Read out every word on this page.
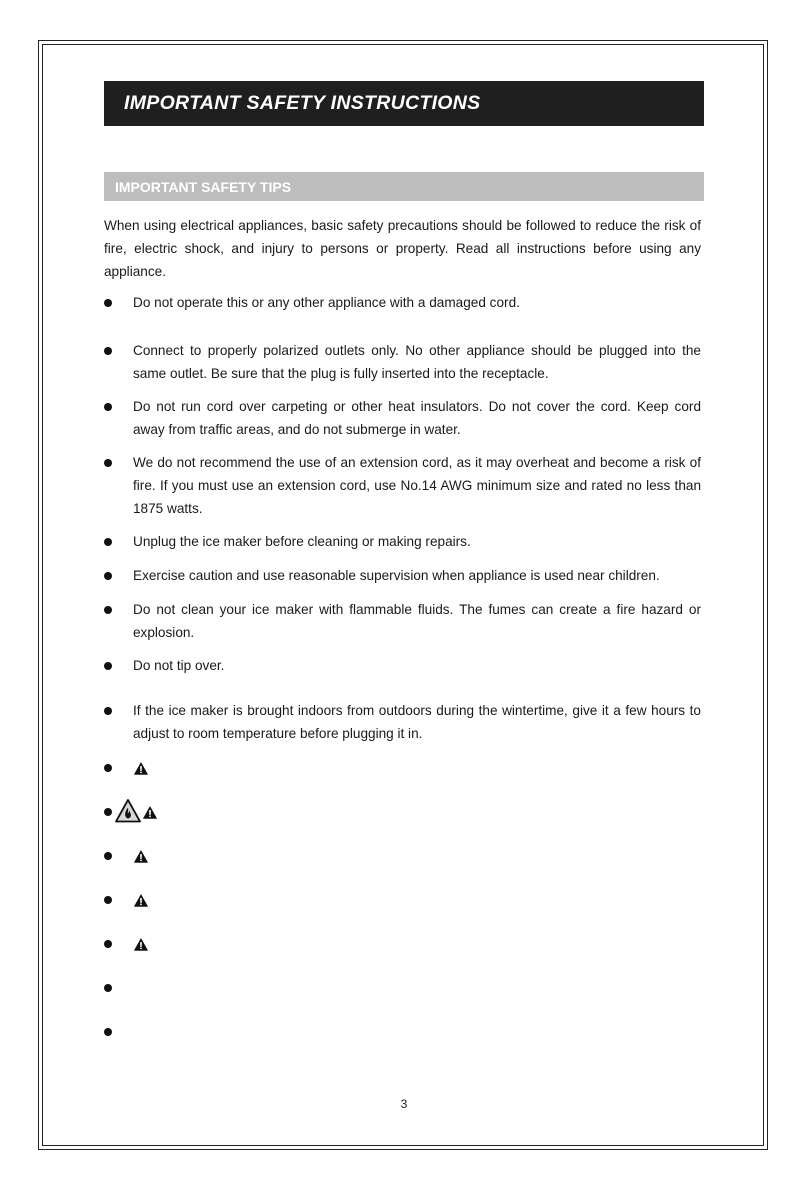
IMPORTANT SAFETY INSTRUCTIONS
IMPORTANT SAFETY TIPS

When using electrical appliances, basic safety precautions should be followed to reduce the risk of fire, electric shock, and injury to persons or property. Read all instructions before using any appliance.

Do not operate this or any other appliance with a damaged cord.

Connect to properly polarized outlets only. No other appliance should be plugged into the same outlet. Be sure that the plug is fully inserted into the receptacle.

Do not run cord over carpeting or other heat insulators. Do not cover the cord. Keep cord away from traffic areas, and do not submerge in water.

We do not recommend the use of an extension cord, as it may overheat and become a risk of fire. If you must use an extension cord, use No.14 AWG minimum size and rated no less than 1875 watts.

Unplug the ice maker before cleaning or making repairs.

Exercise caution and use reasonable supervision when appliance is used near children.

Do not clean your ice maker with flammable fluids. The fumes can create a fire hazard or explosion.

Do not tip over.

If the ice maker is brought indoors from outdoors during the wintertime, give it a few hours to adjust to room temperature before plugging it in.

3
